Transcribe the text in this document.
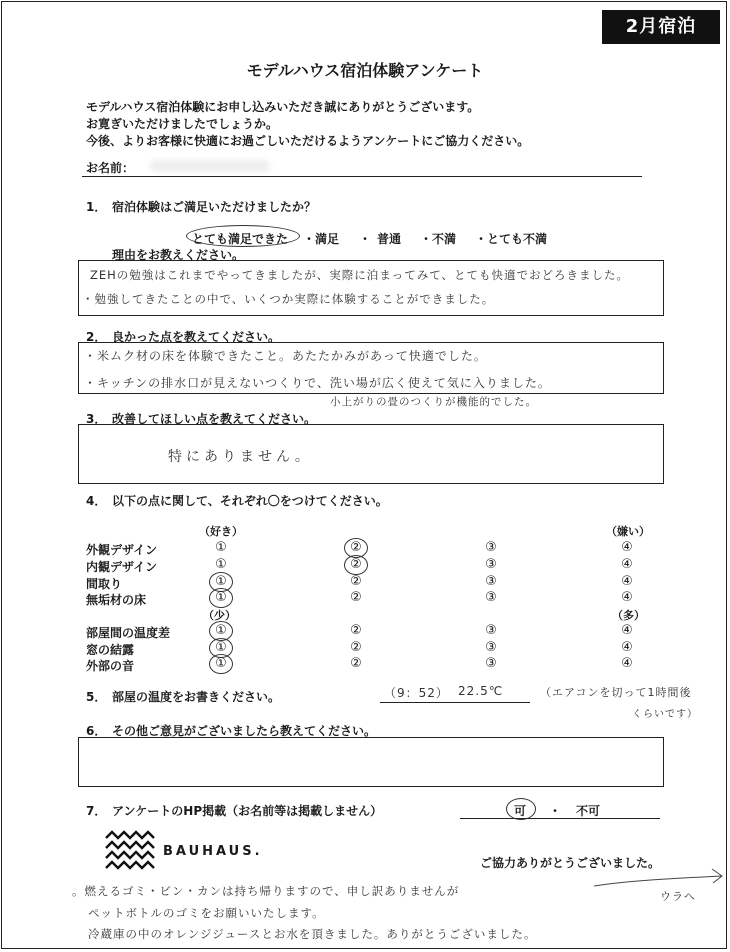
2月宿泊
モデルハウス宿泊体験アンケート
モデルハウス宿泊体験にお申し込みいただき誠にありがとうございます。
お寛ぎいただけましたでしょうか。
今後、よりお客様に快適にお過ごしいただけるようアンケートにご協力ください。
お名前：
1． 宿泊体験はご満足いただけましたか？
とても満足できた ・満足 ・ 普通 ・不満 ・とても不満
理由をお教えください。
ZEHの勉強はこれまでやってきましたが、実際に泊まってみて、とても快適でおどろきました。
・勉強してきたことの中で、いくつか実際に体験することができました。
2． 良かった点を教えてください。
・米ムク材の床を体験できたこと。あたたかみがあって快適でした。
・キッチンの排水口が見えないつくりで、洗い場が広く使えて気に入りました。
小上がりの畳のつくりが機能的でした。
3． 改善してほしい点を教えてください。
特にありません。
4． 以下の点に関して、それぞれ〇をつけてください。
（好き）	（嫌い）
（少）	（多）
外観デザイン	①	②	③	④
内観デザイン	①	②	③	④
間取り	①	②	③	④
無垢材の床	①	②	③	④
部屋間の温度差	①	②	③	④
窓の結露	①	②	③	④
外部の音	①	②	③	④
5． 部屋の温度をお書きください。	（9：52） 22.5℃	（エアコンを切って1時間後
くらいです）
6． その他ご意見がございましたら教えてください。
7． アンケートのHP掲載（お名前等は掲載しません）	可 ・ 不可
BAUHAUS.
ご協力ありがとうございました。
。燃えるゴミ・ビン・カンは持ち帰りますので、申し訳ありませんが
ペットボトルのゴミをお願いいたします。
冷蔵庫の中のオレンジジュースとお水を頂きました。ありがとうございました。
ウラへ
